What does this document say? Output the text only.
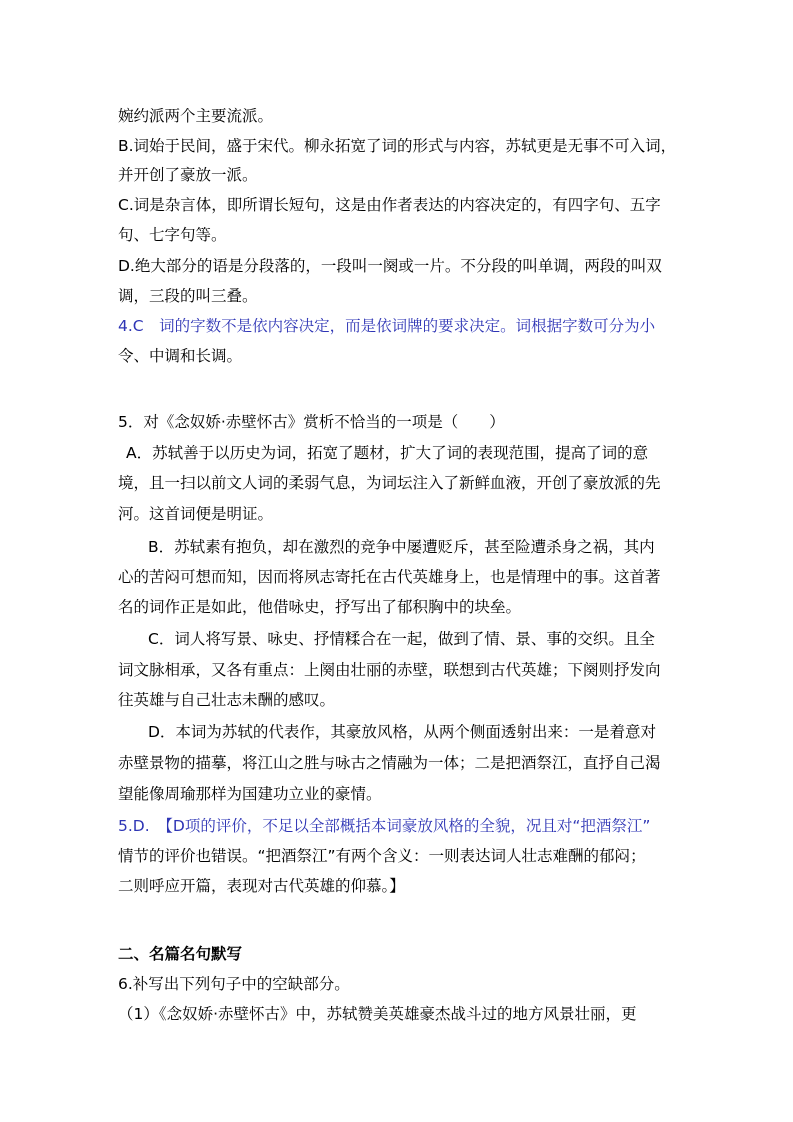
婉约派两个主要流派。
B.词始于民间，盛于宋代。柳永拓宽了词的形式与内容，苏轼更是无事不可入词，
并开创了豪放一派。
C.词是杂言体，即所谓长短句，这是由作者表达的内容决定的，有四字句、五字
句、七字句等。
D.绝大部分的语是分段落的，一段叫一阕或一片。不分段的叫单调，两段的叫双
调，三段的叫三叠。
4.C　词的字数不是依内容决定，而是依词牌的要求决定。词根据字数可分为小
令、中调和长调。
5．对《念奴娇·赤壁怀古》赏析不恰当的一项是（　　）
A．苏轼善于以历史为词，拓宽了题材，扩大了词的表现范围，提高了词的意
境，且一扫以前文人词的柔弱气息，为词坛注入了新鲜血液，开创了豪放派的先
河。这首词便是明证。
B．苏轼素有抱负，却在激烈的竞争中屡遭贬斥，甚至险遭杀身之祸，其内
心的苦闷可想而知，因而将夙志寄托在古代英雄身上，也是情理中的事。这首著
名的词作正是如此，他借咏史，抒写出了郁积胸中的块垒。
C．词人将写景、咏史、抒情糅合在一起，做到了情、景、事的交织。且全
词文脉相承，又各有重点：上阕由壮丽的赤壁，联想到古代英雄；下阕则抒发向
往英雄与自己壮志未酬的感叹。
D．本词为苏轼的代表作，其豪放风格，从两个侧面透射出来：一是着意对
赤壁景物的描摹，将江山之胜与咏古之情融为一体；二是把酒祭江，直抒自己渴
望能像周瑜那样为国建功立业的豪情。
5.D.　【D项的评价，不足以全部概括本词豪放风格的全貌，况且对“把酒祭江”
情节的评价也错误。“把酒祭江”有两个含义：一则表达词人壮志难酬的郁闷；
二则呼应开篇，表现对古代英雄的仰慕。】
二、名篇名句默写
6.补写出下列句子中的空缺部分。
（1）《念奴娇·赤壁怀古》中，苏轼赞美英雄豪杰战斗过的地方风景壮丽，更
